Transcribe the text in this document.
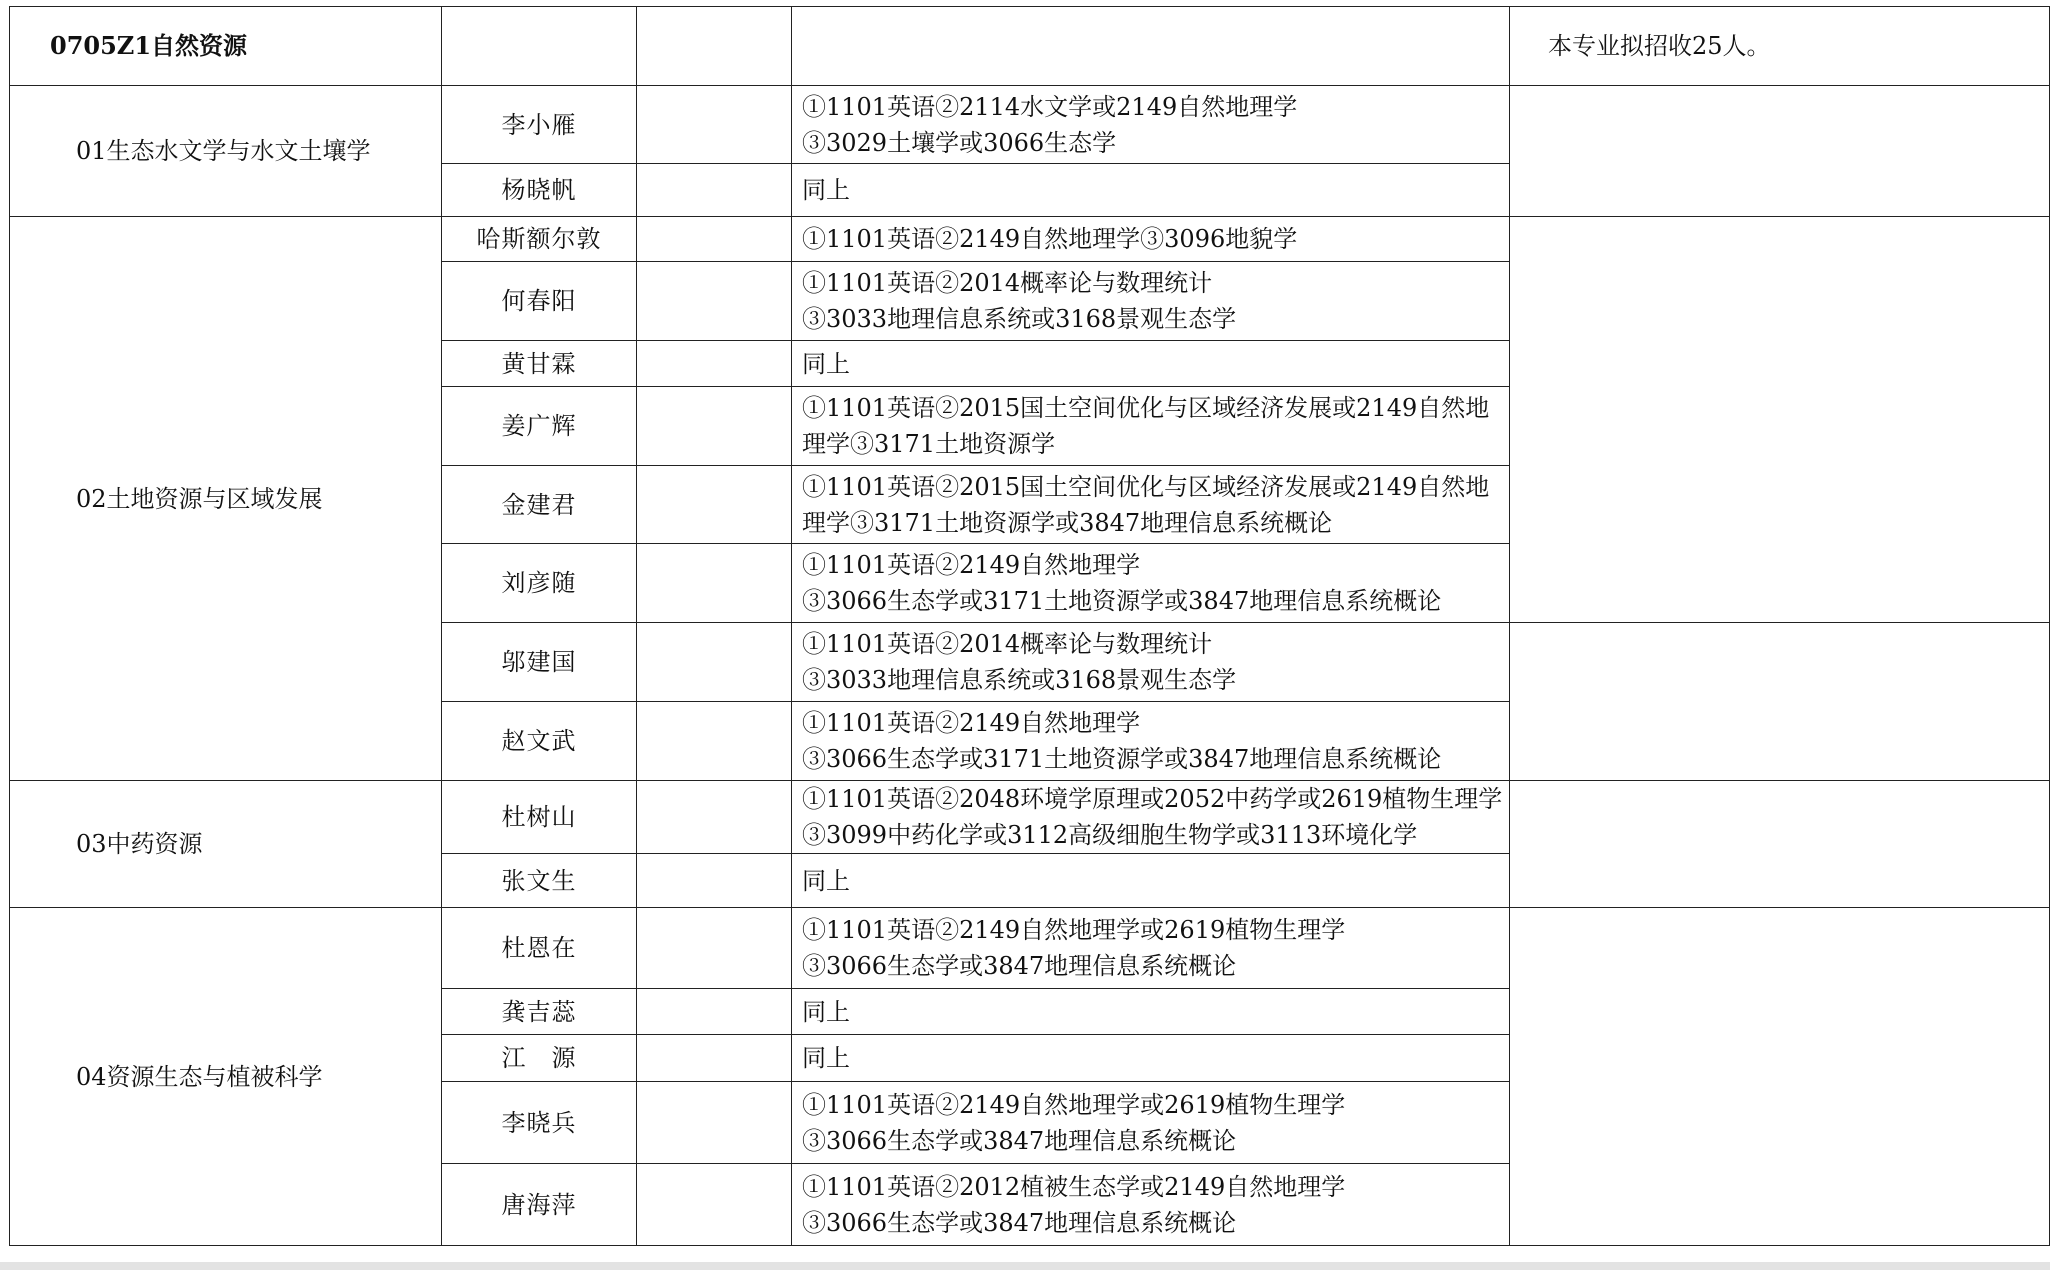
0705Z1自然资源				本专业拟招收25人。
01生态水文学与水文土壤学	李小雁		①1101英语②2114水文学或2149自然地理学
③3029土壤学或3066生态学	

	杨晓帆		同上	

02土地资源与区域发展	哈斯额尔敦		①1101英语②2149自然地理学③3096地貌学	

	何春阳		①1101英语②2014概率论与数理统计
③3033地理信息系统或3168景观生态学	

	黄甘霖		同上	

	姜广辉		①1101英语②2015国土空间优化与区域经济发展或2149自然地
理学③3171土地资源学	

	金建君		①1101英语②2015国土空间优化与区域经济发展或2149自然地
理学③3171土地资源学或3847地理信息系统概论	

	刘彦随		①1101英语②2149自然地理学
③3066生态学或3171土地资源学或3847地理信息系统概论	

	邬建国		①1101英语②2014概率论与数理统计
③3033地理信息系统或3168景观生态学	

	赵文武		①1101英语②2149自然地理学
③3066生态学或3171土地资源学或3847地理信息系统概论	

03中药资源	杜树山		①1101英语②2048环境学原理或2052中药学或2619植物生理学
③3099中药化学或3112高级细胞生物学或3113环境化学	

	张文生		同上	

04资源生态与植被科学	杜恩在		①1101英语②2149自然地理学或2619植物生理学
③3066生态学或3847地理信息系统概论	

	龚吉蕊		同上	

	江　源		同上	

	李晓兵		①1101英语②2149自然地理学或2619植物生理学
③3066生态学或3847地理信息系统概论	

	唐海萍		①1101英语②2012植被生态学或2149自然地理学
③3066生态学或3847地理信息系统概论	
